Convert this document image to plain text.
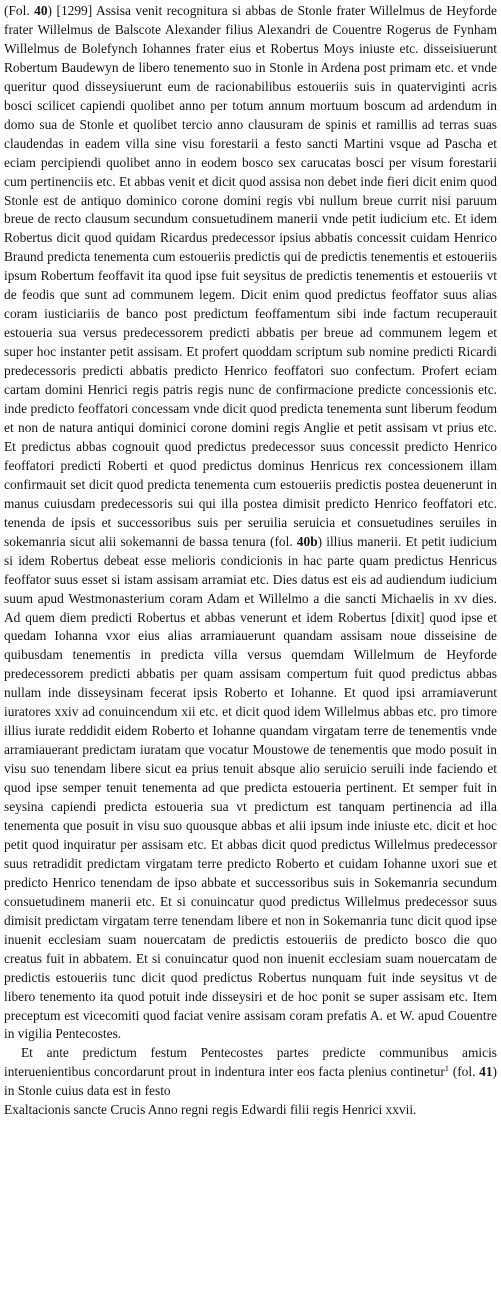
(Fol. 40) [1299] Assisa venit recognitura si abbas de Stonle frater Willelmus de Heyforde frater Willelmus de Balscote Alexander filius Alexandri de Couentre Rogerus de Fynham Willelmus de Bolefynch Iohannes frater eius et Robertus Moys iniuste etc. disseisiuerunt Robertum Baudewyn de libero tenemento suo in Stonle in Ardena post primam etc. et vnde queritur quod disseysiuerunt eum de racionabilibus estoueriis suis in quaterviginti acris bosci scilicet capiendi quolibet anno per totum annum mortuum boscum ad ardendum in domo sua de Stonle et quolibet tercio anno clausuram de spinis et ramillis ad terras suas claudendas in eadem villa sine visu forestarii a festo sancti Martini vsque ad Pascha et eciam percipiendi quolibet anno in eodem bosco sex carucatas bosci per visum forestarii cum pertinenciis etc. Et abbas venit et dicit quod assisa non debet inde fieri dicit enim quod Stonle est de antiquo dominico corone domini regis vbi nullum breue currit nisi paruum breue de recto clausum secundum consuetudinem manerii vnde petit iudicium etc. Et idem Robertus dicit quod quidam Ricardus predecessor ipsius abbatis concessit cuidam Henrico Braund predicta tenementa cum estoueriis predictis qui de predictis tenementis et estoueriis ipsum Robertum feoffavit ita quod ipse fuit seysitus de predictis tenementis et estoueriis vt de feodis que sunt ad communem legem. Dicit enim quod predictus feoffator suus alias coram iusticiariis de banco post predictum feoffamentum sibi inde factum recuperauit estoueria sua versus predecessorem predicti abbatis per breue ad communem legem et super hoc instanter petit assisam. Et profert quoddam scriptum sub nomine predicti Ricardi predecessoris predicti abbatis predicto Henrico feoffatori suo confectum. Profert eciam cartam domini Henrici regis patris regis nunc de confirmacione predicte concessionis etc. inde predicto feoffatori concessam vnde dicit quod predicta tenementa sunt liberum feodum et non de natura antiqui dominici corone domini regis Anglie et petit assisam vt prius etc. Et predictus abbas cognouit quod predictus predecessor suus concessit predicto Henrico feoffatori predicti Roberti et quod predictus dominus Henricus rex concessionem illam confirmauit set dicit quod predicta tenementa cum estoueriis predictis postea deuenerunt in manus cuiusdam predecessoris sui qui illa postea dimisit predicto Henrico feoffatori etc. tenenda de ipsis et successoribus suis per seruilia seruicia et consuetudines seruiles in sokemanria sicut alii sokemanni de bassa tenura (fol. 40b) illius manerii. Et petit iudicium si idem Robertus debeat esse melioris condicionis in hac parte quam predictus Henricus feoffator suus esset si istam assisam arramiat etc. Dies datus est eis ad audiendum iudicium suum apud Westmonasterium coram Adam et Willelmo a die sancti Michaelis in xv dies. Ad quem diem predicti Robertus et abbas venerunt et idem Robertus [dixit] quod ipse et quedam Iohanna vxor eius alias arramiauerunt quandam assisam noue disseisine de quibusdam tenementis in predicta villa versus quemdam Willelmum de Heyforde predecessorem predicti abbatis per quam assisam compertum fuit quod predictus abbas nullam inde disseysinam fecerat ipsis Roberto et Iohanne. Et quod ipsi arramiaverunt iuratores xxiv ad conuincendum xii etc. et dicit quod idem Willelmus abbas etc. pro timore illius iurate reddidit eidem Roberto et Iohanne quandam virgatam terre de tenementis vnde arramiauerant predictam iuratam que vocatur Moustowe de tenementis que modo posuit in visu suo tenendam libere sicut ea prius tenuit absque alio seruicio seruili inde faciendo et quod ipse semper tenuit tenementa ad que predicta estoueria pertinent. Et semper fuit in seysina capiendi predicta estoueria sua vt predictum est tanquam pertinencia ad illa tenementa que posuit in visu suo quousque abbas et alii ipsum inde iniuste etc. dicit et hoc petit quod inquiratur per assisam etc. Et abbas dicit quod predictus Willelmus predecessor suus retradidit predictam virgatam terre predicto Roberto et cuidam Iohanne uxori sue et predicto Henrico tenendam de ipso abbate et successoribus suis in Sokemanria secundum consuetudinem manerii etc. Et si conuincatur quod predictus Willelmus predecessor suus dimisit predictam virgatam terre tenendam libere et non in Sokemanria tunc dicit quod ipse inuenit ecclesiam suam nouercatam de predictis estoueriis de predicto bosco die quo creatus fuit in abbatem. Et si conuincatur quod non inuenit ecclesiam suam nouercatam de predictis estoueriis tunc dicit quod predictus Robertus nunquam fuit inde seysitus vt de libero tenemento ita quod potuit inde disseysiri et de hoc ponit se super assisam etc. Item preceptum est vicecomiti quod faciat venire assisam coram prefatis A. et W. apud Couentre in vigilia Pentecostes.

Et ante predictum festum Pentecostes partes predicte communibus amicis interuenientibus concordarunt prout in indentura inter eos facta plenius continetur$^1$ (fol. 41) in Stonle cuius data est in festo

Exaltacionis sancte Crucis Anno regni regis Edwardi filii regis Henrici xxvii.
